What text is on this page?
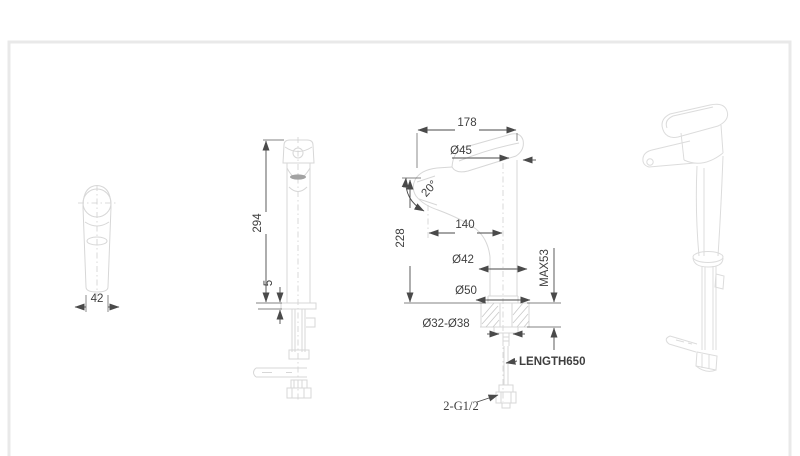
42
294
5
178
Ø45
20°
140
228
Ø42
Ø50
MAX53
Ø32-Ø38
LENGTH650
2-G1/2
